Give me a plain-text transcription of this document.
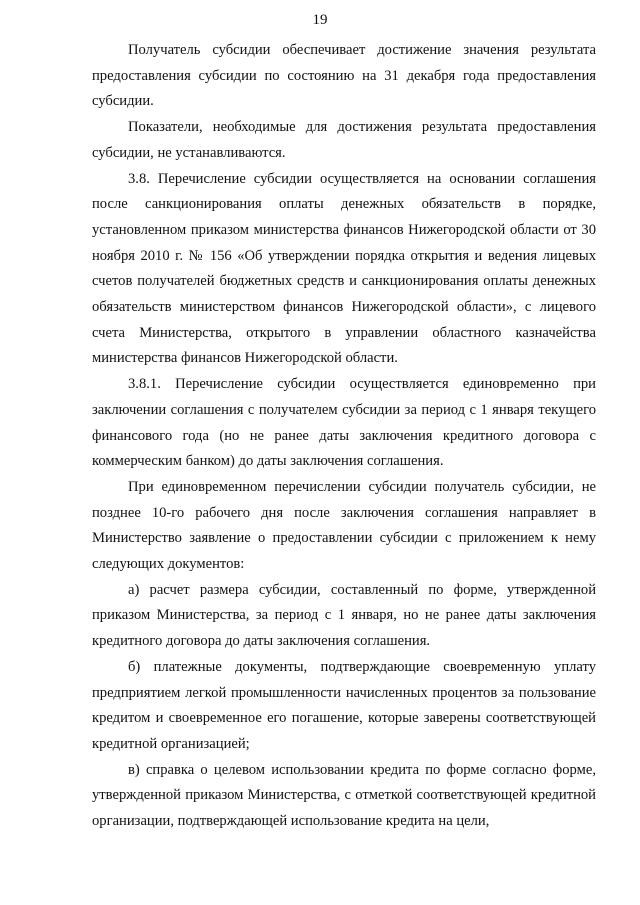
19

Получатель субсидии обеспечивает достижение значения результата предоставления субсидии по состоянию на 31 декабря года предоставления субсидии.

Показатели, необходимые для достижения результата предоставления субсидии, не устанавливаются.

3.8. Перечисление субсидии осуществляется на основании соглашения после санкционирования оплаты денежных обязательств в порядке, установленном приказом министерства финансов Нижегородской области от 30 ноября 2010 г. № 156 «Об утверждении порядка открытия и ведения лицевых счетов получателей бюджетных средств и санкционирования оплаты денежных обязательств министерством финансов Нижегородской области», с лицевого счета Министерства, открытого в управлении областного казначейства министерства финансов Нижегородской области.

3.8.1. Перечисление субсидии осуществляется единовременно при заключении соглашения с получателем субсидии за период с 1 января текущего финансового года (но не ранее даты заключения кредитного договора с коммерческим банком) до даты заключения соглашения.

При единовременном перечислении субсидии получатель субсидии, не позднее 10-го рабочего дня после заключения соглашения направляет в Министерство заявление о предоставлении субсидии с приложением к нему следующих документов:

а) расчет размера субсидии, составленный по форме, утвержденной приказом Министерства, за период с 1 января, но не ранее даты заключения кредитного договора до даты заключения соглашения.

б) платежные документы, подтверждающие своевременную уплату предприятием легкой промышленности начисленных процентов за пользование кредитом и своевременное его погашение, которые заверены соответствующей кредитной организацией;

в) справка о целевом использовании кредита по форме согласно форме, утвержденной приказом Министерства, с отметкой соответствующей кредитной организации, подтверждающей использование кредита на цели,
